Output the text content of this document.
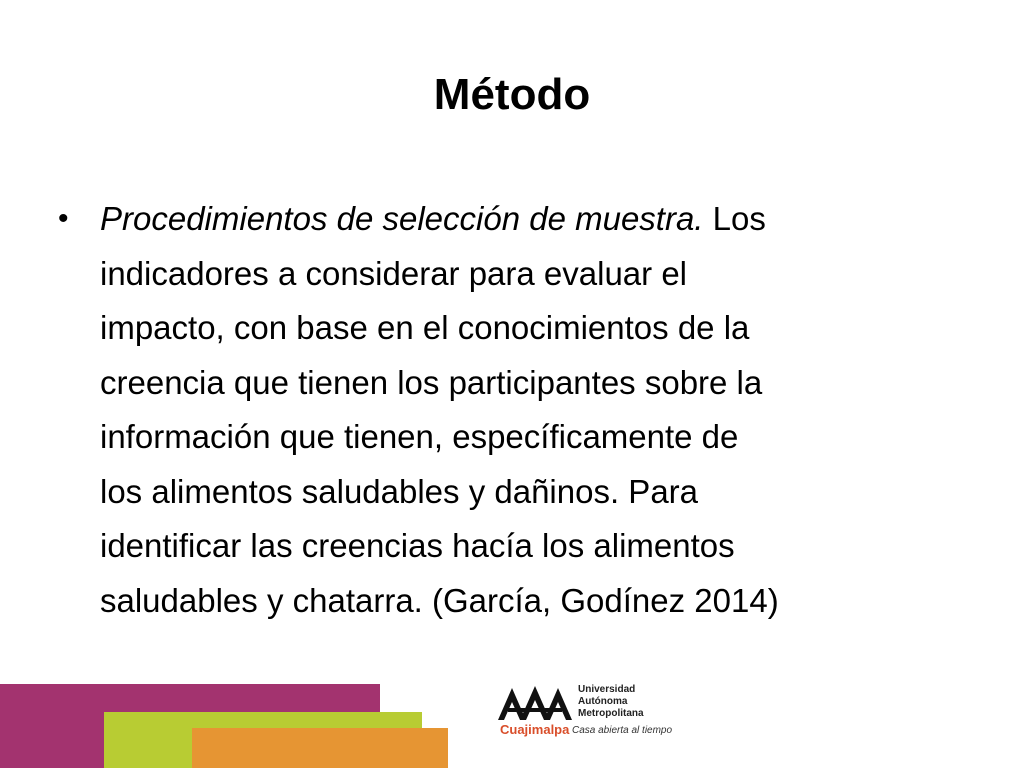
Método
• Procedimientos de selección de muestra. Los
indicadores a considerar para evaluar el
impacto, con base en el conocimientos de la
creencia que tienen los participantes sobre la
información que tienen, específicamente de
los alimentos saludables y dañinos. Para
identificar las creencias hacía los alimentos
saludables y chatarra. (García, Godínez 2014)
Cuajimalpa
Universidad
Autónoma
Metropolitana
Casa abierta al tiempo
